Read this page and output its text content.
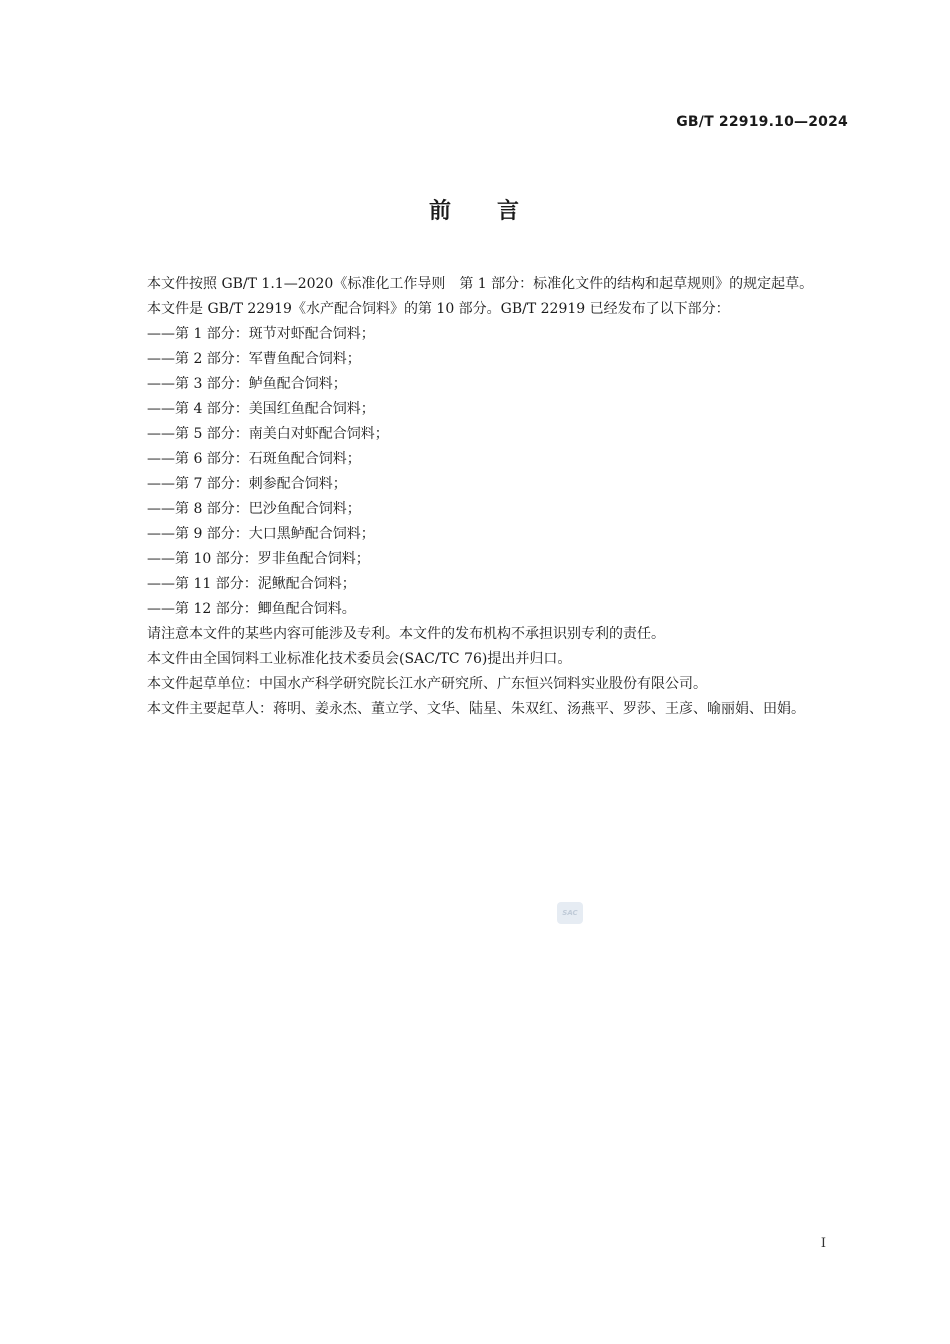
GB/T 22919.10—2024
前 言

本文件按照 GB/T 1.1—2020《标准化工作导则　第 1 部分：标准化文件的结构和起草规则》的规定起草。

本文件是 GB/T 22919《水产配合饲料》的第 10 部分。GB/T 22919 已经发布了以下部分：

——第 1 部分：斑节对虾配合饲料；

——第 2 部分：军曹鱼配合饲料；

——第 3 部分：鲈鱼配合饲料；

——第 4 部分：美国红鱼配合饲料；

——第 5 部分：南美白对虾配合饲料；

——第 6 部分：石斑鱼配合饲料；

——第 7 部分：刺参配合饲料；

——第 8 部分：巴沙鱼配合饲料；

——第 9 部分：大口黑鲈配合饲料；

——第 10 部分：罗非鱼配合饲料；

——第 11 部分：泥鳅配合饲料；

——第 12 部分：鲫鱼配合饲料。

请注意本文件的某些内容可能涉及专利。本文件的发布机构不承担识别专利的责任。

本文件由全国饲料工业标准化技术委员会(SAC/TC 76)提出并归口。

本文件起草单位：中国水产科学研究院长江水产研究所、广东恒兴饲料实业股份有限公司。

本文件主要起草人：蒋明、姜永杰、董立学、文华、陆星、朱双红、汤燕平、罗莎、王彦、喻丽娟、田娟。

SAC
I
